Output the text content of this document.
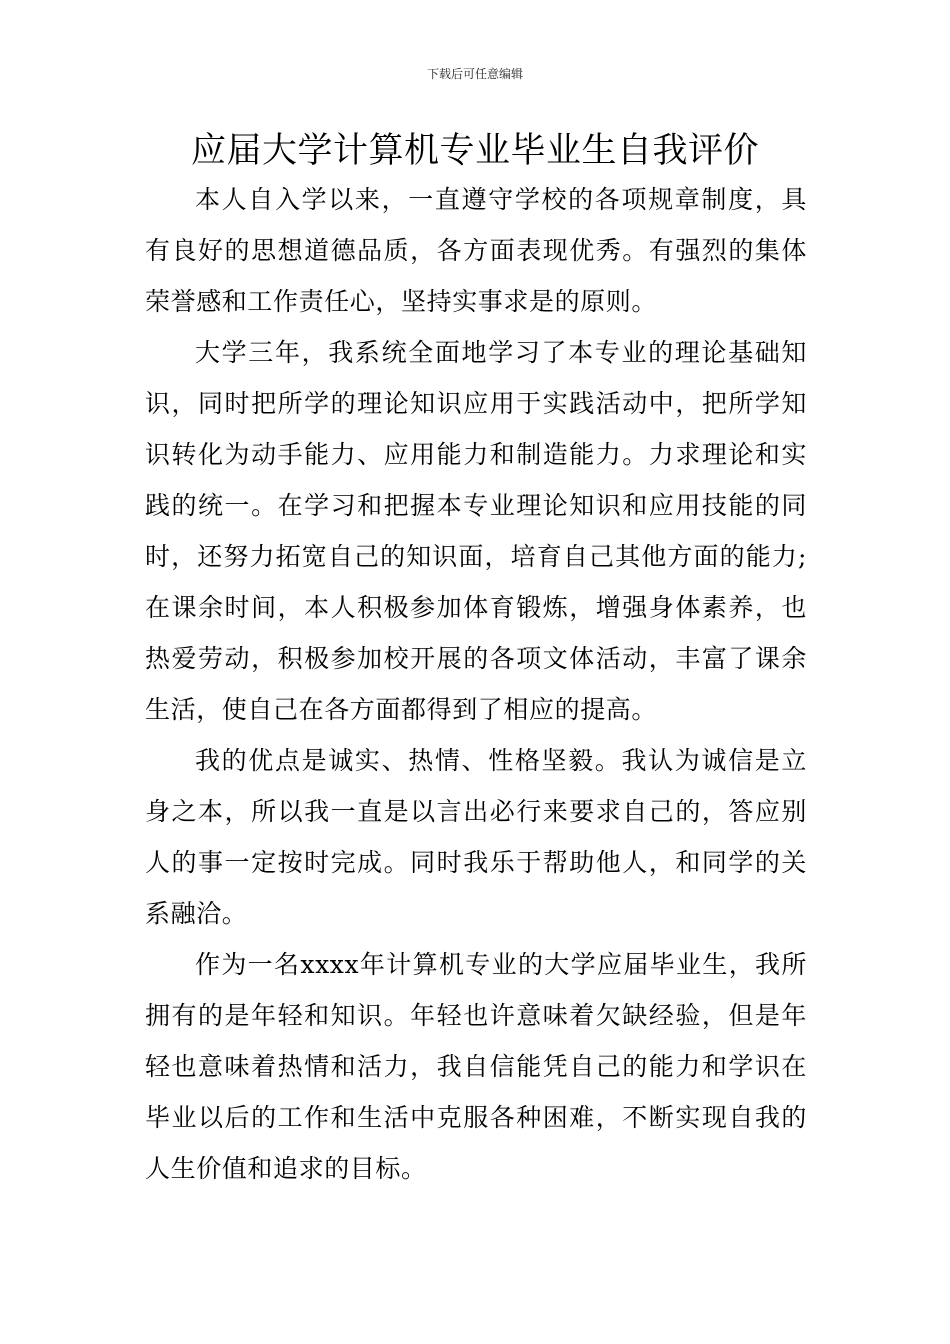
下载后可任意编辑
应届大学计算机专业毕业生自我评价

本人自入学以来，一直遵守学校的各项规章制度，具有良好的思想道德品质，各方面表现优秀。有强烈的集体荣誉感和工作责任心，坚持实事求是的原则。

大学三年，我系统全面地学习了本专业的理论基础知识，同时把所学的理论知识应用于实践活动中，把所学知识转化为动手能力、应用能力和制造能力。力求理论和实践的统一。在学习和把握本专业理论知识和应用技能的同时，还努力拓宽自己的知识面，培育自己其他方面的能力;在课余时间，本人积极参加体育锻炼，增强身体素养，也热爱劳动，积极参加校开展的各项文体活动，丰富了课余生活，使自己在各方面都得到了相应的提高。

我的优点是诚实、热情、性格坚毅。我认为诚信是立身之本，所以我一直是以言出必行来要求自己的，答应别人的事一定按时完成。同时我乐于帮助他人，和同学的关系融洽。

作为一名xxxx年计算机专业的大学应届毕业生，我所拥有的是年轻和知识。年轻也许意味着欠缺经验，但是年轻也意味着热情和活力，我自信能凭自己的能力和学识在毕业以后的工作和生活中克服各种困难，不断实现自我的人生价值和追求的目标。
